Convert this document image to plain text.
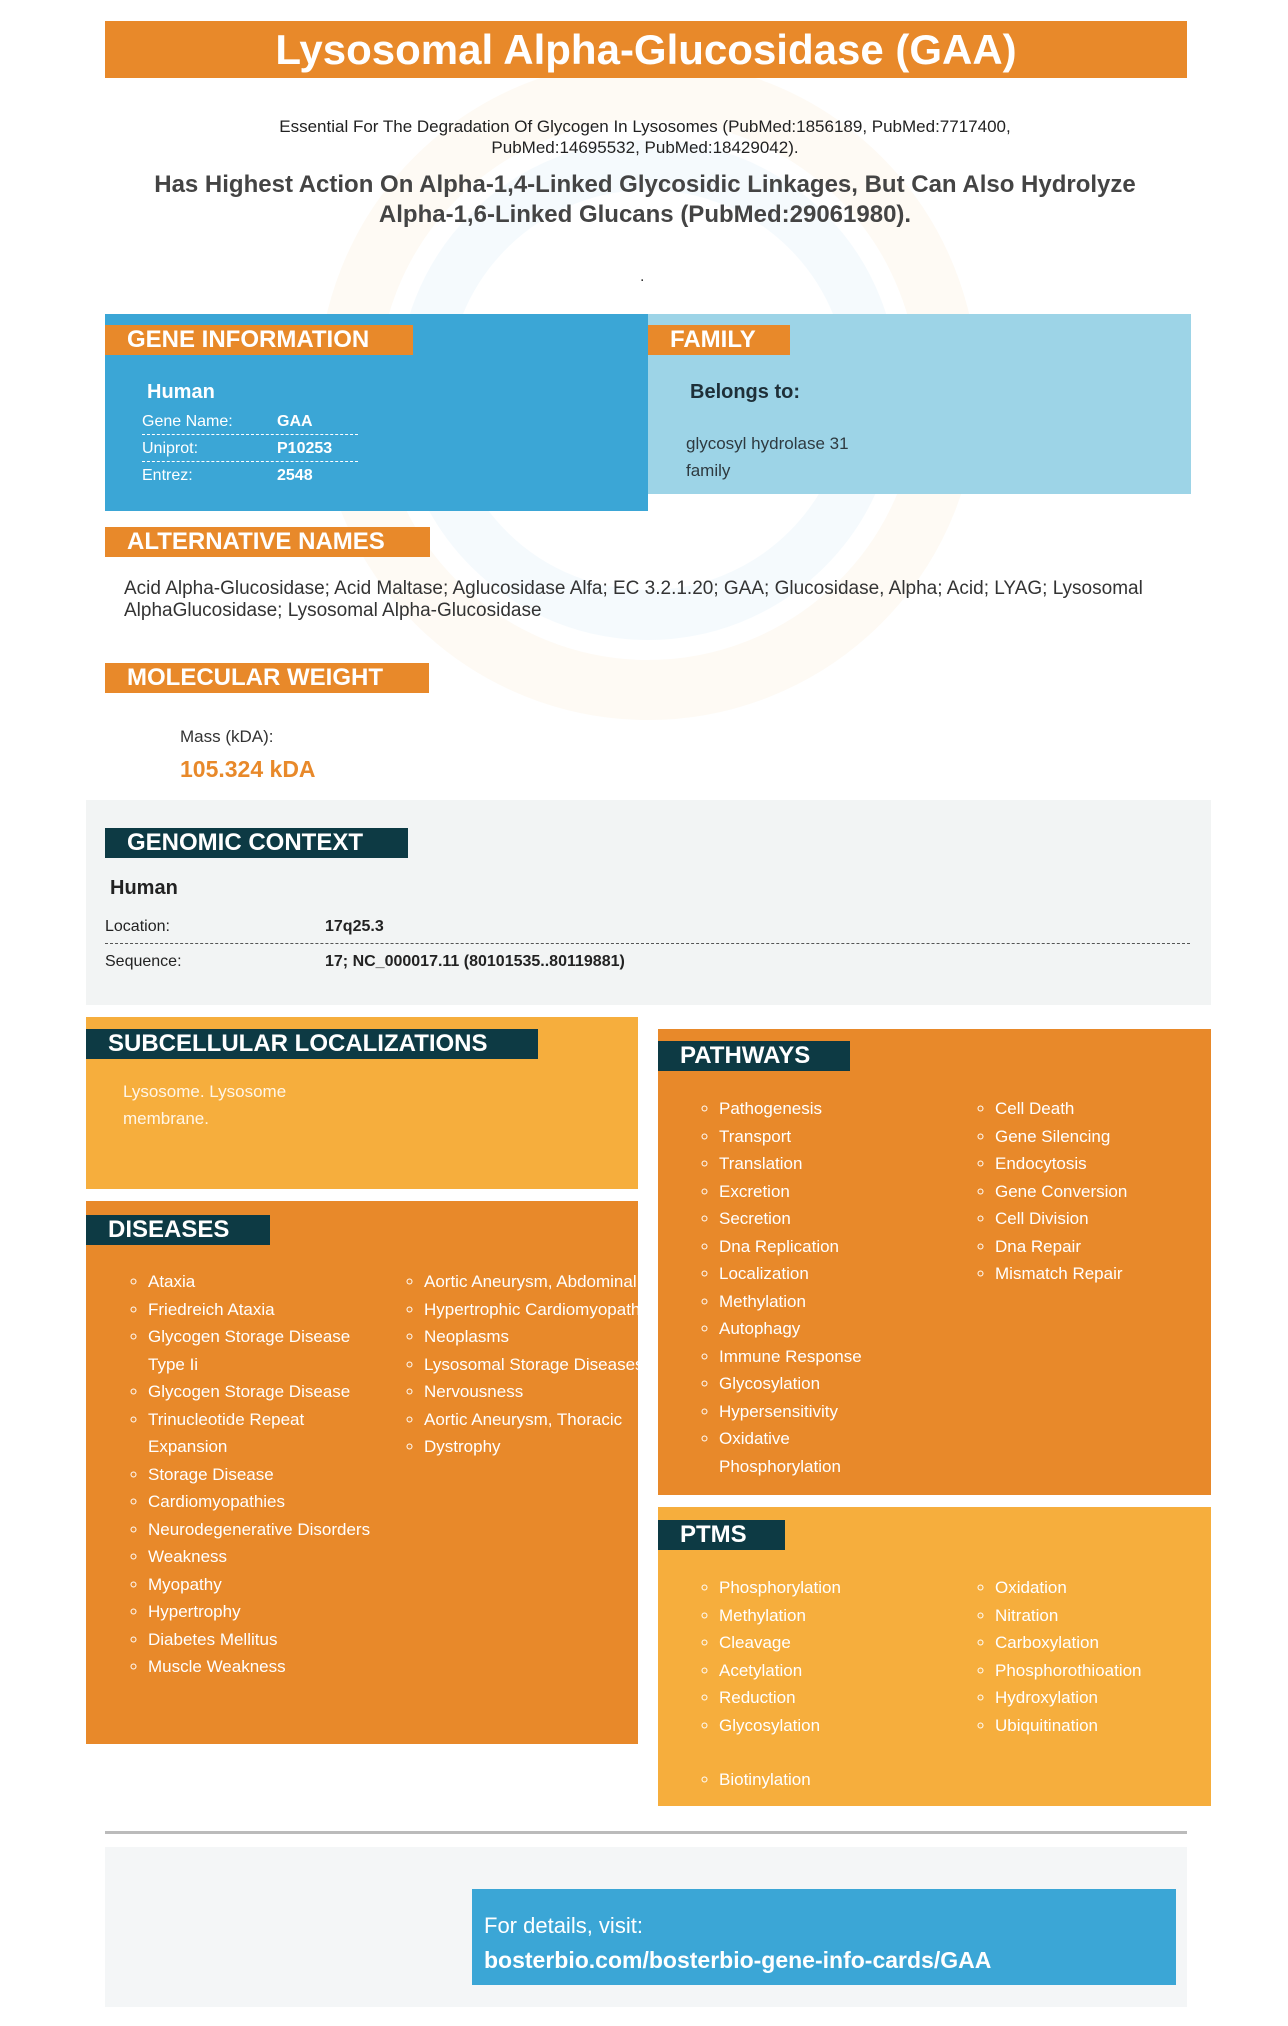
Lysosomal Alpha-Glucosidase (GAA)
Essential For The Degradation Of Glycogen In Lysosomes (PubMed:1856189, PubMed:7717400, PubMed:14695532, PubMed:18429042).
Has Highest Action On Alpha-1,4-Linked Glycosidic Linkages, But Can Also Hydrolyze Alpha-1,6-Linked Glucans (PubMed:29061980).
.
GENE INFORMATION
Human
Gene Name:	GAA
Uniprot:	P10253
Entrez:	2548
FAMILY
Belongs to:
glycosyl hydrolase 31 family
ALTERNATIVE NAMES
Acid Alpha-Glucosidase; Acid Maltase; Aglucosidase Alfa; EC 3.2.1.20; GAA; Glucosidase, Alpha; Acid; LYAG; Lysosomal AlphaGlucosidase; Lysosomal Alpha-Glucosidase
MOLECULAR WEIGHT
Mass (kDA):
105.324 kDA
GENOMIC CONTEXT
Human
Location:	17q25.3
Sequence:	17; NC_000017.11 (80101535..80119881)
SUBCELLULAR LOCALIZATIONS
Lysosome. Lysosome membrane.
DISEASES
◦ Ataxia
◦ Friedreich Ataxia
◦ Glycogen Storage Disease Type Ii
◦ Glycogen Storage Disease
◦ Trinucleotide Repeat Expansion
◦ Storage Disease
◦ Cardiomyopathies
◦ Neurodegenerative Disorders
◦ Weakness
◦ Myopathy
◦ Hypertrophy
◦ Diabetes Mellitus
◦ Muscle Weakness
◦ Aortic Aneurysm, Abdominal
◦ Hypertrophic Cardiomyopathy
◦ Neoplasms
◦ Lysosomal Storage Diseases
◦ Nervousness
◦ Aortic Aneurysm, Thoracic
◦ Dystrophy
PATHWAYS
◦ Pathogenesis
◦ Transport
◦ Translation
◦ Excretion
◦ Secretion
◦ Dna Replication
◦ Localization
◦ Methylation
◦ Autophagy
◦ Immune Response
◦ Glycosylation
◦ Hypersensitivity
◦ Oxidative Phosphorylation
◦ Cell Death
◦ Gene Silencing
◦ Endocytosis
◦ Gene Conversion
◦ Cell Division
◦ Dna Repair
◦ Mismatch Repair
PTMS
◦ Phosphorylation
◦ Methylation
◦ Cleavage
◦ Acetylation
◦ Reduction
◦ Glycosylation
◦ Oxidation
◦ Nitration
◦ Carboxylation
◦ Phosphorothioation
◦ Hydroxylation
◦ Ubiquitination
◦ Biotinylation
For details, visit:
bosterbio.com/bosterbio-gene-info-cards/GAA
